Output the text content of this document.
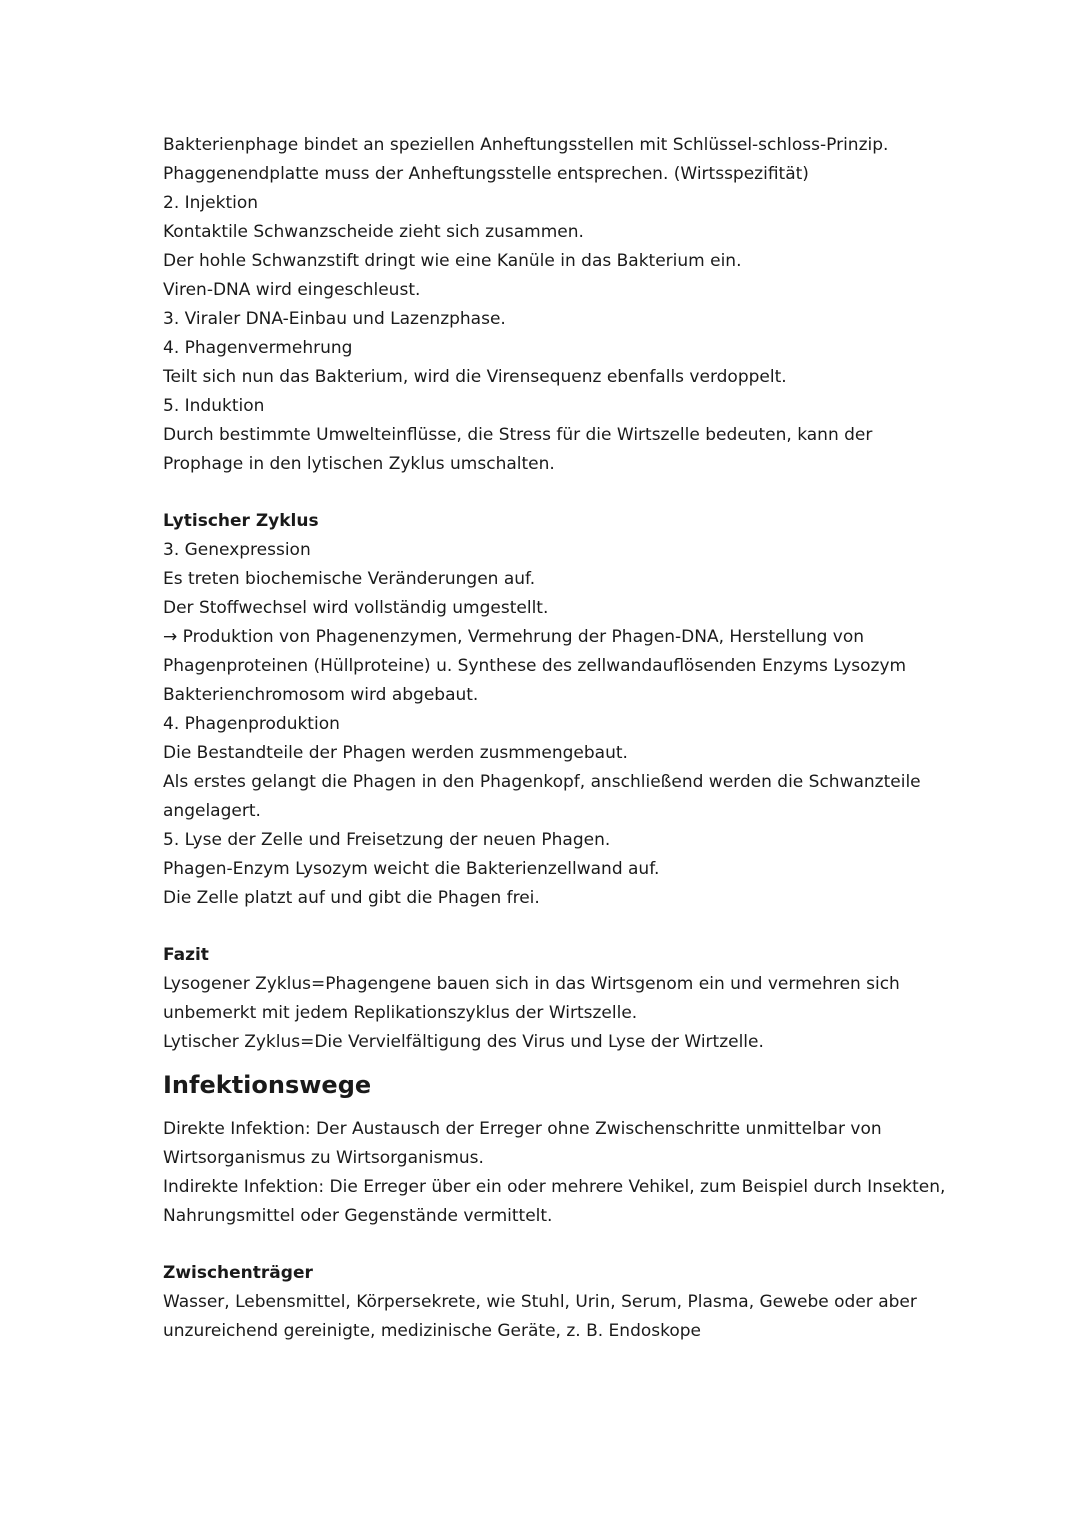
Bakterienphage bindet an speziellen Anheftungsstellen mit Schlüssel-schloss-Prinzip.

Phaggenendplatte muss der Anheftungsstelle entsprechen. (Wirtsspezifität)

2. Injektion

Kontaktile Schwanzscheide zieht sich zusammen.

Der hohle Schwanzstift dringt wie eine Kanüle in das Bakterium ein.

Viren-DNA wird eingeschleust.

3. Viraler DNA-Einbau und Lazenzphase.

4. Phagenvermehrung

Teilt sich nun das Bakterium, wird die Virensequenz ebenfalls verdoppelt.

5. Induktion

Durch bestimmte Umwelteinflüsse, die Stress für die Wirtszelle bedeuten, kann der

Prophage in den lytischen Zyklus umschalten.

Lytischer Zyklus

3. Genexpression

Es treten biochemische Veränderungen auf.

Der Stoffwechsel wird vollständig umgestellt.

→ Produktion von Phagenenzymen, Vermehrung der Phagen-DNA, Herstellung von

Phagenproteinen (Hüllproteine) u. Synthese des zellwandauflösenden Enzyms Lysozym

Bakterienchromosom wird abgebaut.

4. Phagenproduktion

Die Bestandteile der Phagen werden zusmmengebaut.

Als erstes gelangt die Phagen in den Phagenkopf, anschließend werden die Schwanzteile

angelagert.

5. Lyse der Zelle und Freisetzung der neuen Phagen.

Phagen-Enzym Lysozym weicht die Bakterienzellwand auf.

Die Zelle platzt auf und gibt die Phagen frei.

Fazit

Lysogener Zyklus=Phagengene bauen sich in das Wirtsgenom ein und vermehren sich

unbemerkt mit jedem Replikationszyklus der Wirtszelle.

Lytischer Zyklus=Die Vervielfältigung des Virus und Lyse der Wirtzelle.

Infektionswege

Direkte Infektion: Der Austausch der Erreger ohne Zwischenschritte unmittelbar von

Wirtsorganismus zu Wirtsorganismus.

Indirekte Infektion: Die Erreger über ein oder mehrere Vehikel, zum Beispiel durch Insekten,

Nahrungsmittel oder Gegenstände vermittelt.

Zwischenträger

Wasser, Lebensmittel, Körpersekrete, wie Stuhl, Urin, Serum, Plasma, Gewebe oder aber

unzureichend gereinigte, medizinische Geräte, z. B. Endoskope
